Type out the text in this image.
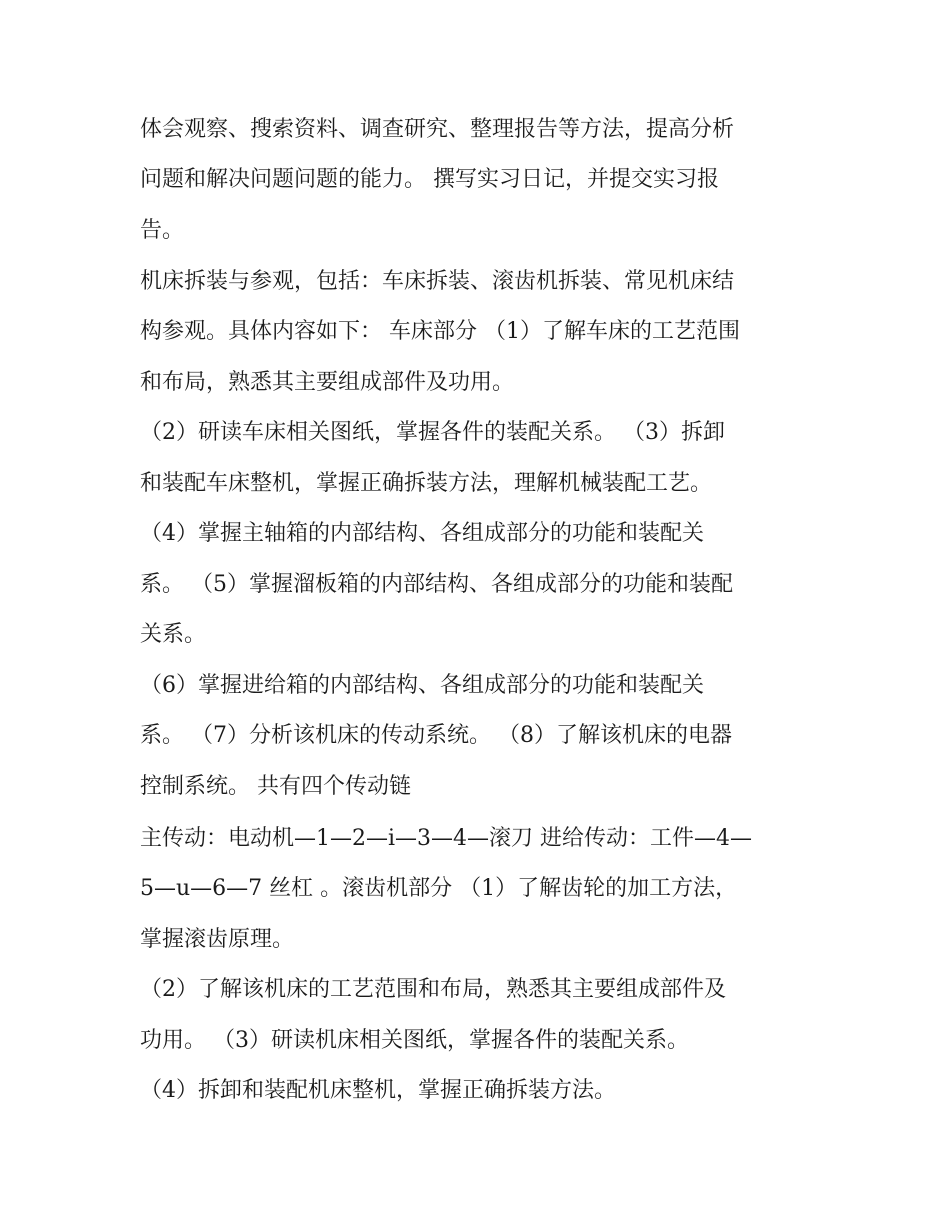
体会观察、搜索资料、调查研究、整理报告等方法，提高分析
问题和解决问题问题的能力。 撰写实习日记，并提交实习报
告。
机床拆装与参观，包括：车床拆装、滚齿机拆装、常见机床结
构参观。具体内容如下： 车床部分 （1）了解车床的工艺范围
和布局，熟悉其主要组成部件及功用。
（2）研读车床相关图纸，掌握各件的装配关系。 （3）拆卸
和装配车床整机，掌握正确拆装方法，理解机械装配工艺。
（4）掌握主轴箱的内部结构、各组成部分的功能和装配关
系。 （5）掌握溜板箱的内部结构、各组成部分的功能和装配
关系。
（6）掌握进给箱的内部结构、各组成部分的功能和装配关
系。 （7）分析该机床的传动系统。 （8）了解该机床的电器
控制系统。 共有四个传动链
主传动：电动机—1—2—i—3—4—滚刀 进给传动：工件—4—
5—u—6—7 丝杠 。滚齿机部分 （1）了解齿轮的加工方法，
掌握滚齿原理。
（2）了解该机床的工艺范围和布局，熟悉其主要组成部件及
功用。 （3）研读机床相关图纸，掌握各件的装配关系。
（4）拆卸和装配机床整机，掌握正确拆装方法。
